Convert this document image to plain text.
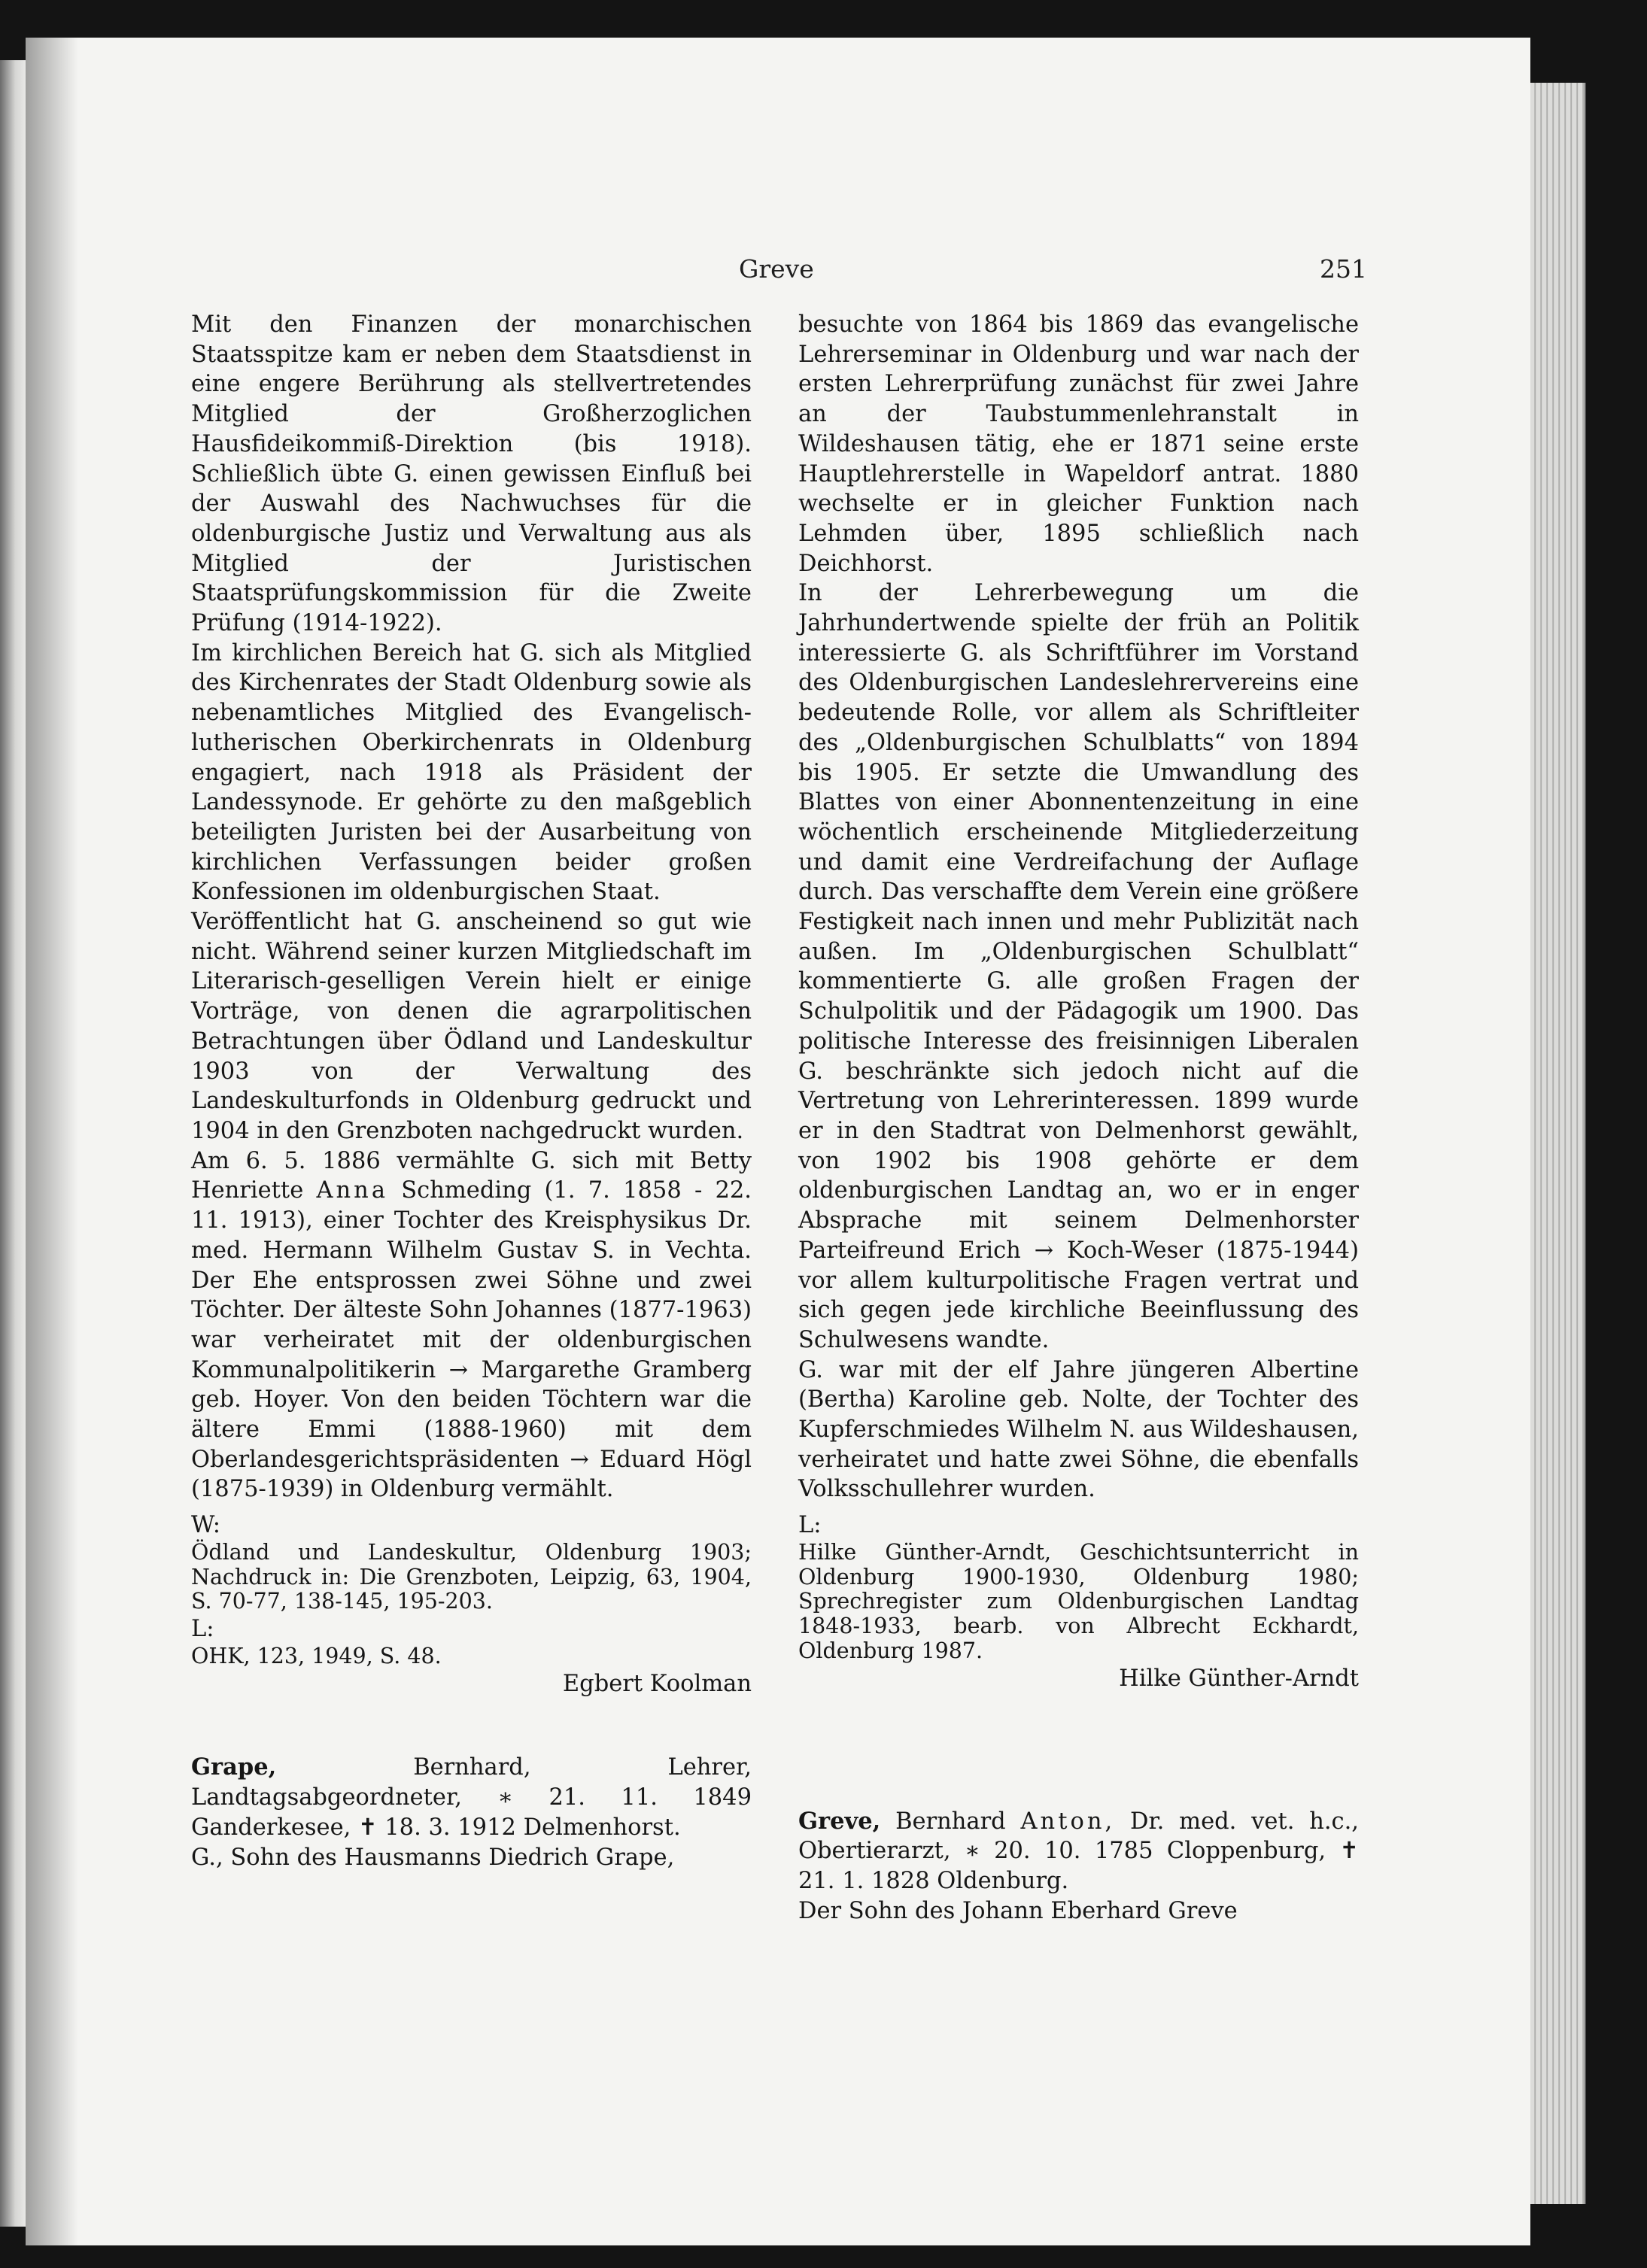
Greve	251

Mit den Finanzen der monarchischen Staatsspitze kam er neben dem Staatsdienst in eine engere Berührung als stellvertretendes Mitglied der Großherzoglichen Hausfideikommiß-Direktion (bis 1918). Schließlich übte G. einen gewissen Einfluß bei der Auswahl des Nachwuchses für die oldenburgische Justiz und Verwaltung aus als Mitglied der Juristischen Staatsprüfungskommission für die Zweite Prüfung (1914-1922).

Im kirchlichen Bereich hat G. sich als Mitglied des Kirchenrates der Stadt Oldenburg sowie als nebenamtliches Mitglied des Evangelisch-lutherischen Oberkirchenrats in Oldenburg engagiert, nach 1918 als Präsident der Landessynode. Er gehörte zu den maßgeblich beteiligten Juristen bei der Ausarbeitung von kirchlichen Verfassungen beider großen Konfessionen im oldenburgischen Staat.

Veröffentlicht hat G. anscheinend so gut wie nicht. Während seiner kurzen Mitgliedschaft im Literarisch-geselligen Verein hielt er einige Vorträge, von denen die agrarpolitischen Betrachtungen über Ödland und Landeskultur 1903 von der Verwaltung des Landeskulturfonds in Oldenburg gedruckt und 1904 in den Grenzboten nachgedruckt wurden.

Am 6. 5. 1886 vermählte G. sich mit Betty Henriette Anna Schmeding (1. 7. 1858 - 22. 11. 1913), einer Tochter des Kreisphysikus Dr. med. Hermann Wilhelm Gustav S. in Vechta. Der Ehe entsprossen zwei Söhne und zwei Töchter. Der älteste Sohn Johannes (1877-1963) war verheiratet mit der oldenburgischen Kommunalpolitikerin → Margarethe Gramberg geb. Hoyer. Von den beiden Töchtern war die ältere Emmi (1888-1960) mit dem Oberlandesgerichtspräsidenten → Eduard Högl (1875-1939) in Oldenburg vermählt.

W:

Ödland und Landeskultur, Oldenburg 1903; Nachdruck in: Die Grenzboten, Leipzig, 63, 1904, S. 70-77, 138-145, 195-203.

L:

OHK, 123, 1949, S. 48.

Egbert Koolman

Grape,	Bernhard, Lehrer, Landtagsabgeordneter, ∗ 21. 11. 1849 Ganderkesee, ✝ 18. 3. 1912 Delmenhorst.

G., Sohn des Hausmanns Diedrich Grape,

besuchte von 1864 bis 1869 das evangelische Lehrerseminar in Oldenburg und war nach der ersten Lehrerprüfung zunächst für zwei Jahre an der Taubstummenlehranstalt in Wildeshausen tätig, ehe er 1871 seine erste Hauptlehrerstelle in Wapeldorf antrat. 1880 wechselte er in gleicher Funktion nach Lehmden über, 1895 schließlich nach Deichhorst.

In der Lehrerbewegung um die Jahrhundertwende spielte der früh an Politik interessierte G. als Schriftführer im Vorstand des Oldenburgischen Landeslehrervereins eine bedeutende Rolle, vor allem als Schriftleiter des „Oldenburgischen Schulblatts“ von 1894 bis 1905. Er setzte die Umwandlung des Blattes von einer Abonnentenzeitung in eine wöchentlich erscheinende Mitgliederzeitung und damit eine Verdreifachung der Auflage durch. Das verschaffte dem Verein eine größere Festigkeit nach innen und mehr Publizität nach außen. Im „Oldenburgischen Schulblatt“ kommentierte G. alle großen Fragen der Schulpolitik und der Pädagogik um 1900. Das politische Interesse des freisinnigen Liberalen G. beschränkte sich jedoch nicht auf die Vertretung von Lehrerinteressen. 1899 wurde er in den Stadtrat von Delmenhorst gewählt, von 1902 bis 1908 gehörte er dem oldenburgischen Landtag an, wo er in enger Absprache mit seinem Delmenhorster Parteifreund Erich → Koch-Weser (1875-1944) vor allem kulturpolitische Fragen vertrat und sich gegen jede kirchliche Beeinflussung des Schulwesens wandte.

G. war mit der elf Jahre jüngeren Albertine (Bertha) Karoline geb. Nolte, der Tochter des Kupferschmiedes Wilhelm N. aus Wildeshausen, verheiratet und hatte zwei Söhne, die ebenfalls Volksschullehrer wurden.

L:

Hilke Günther-Arndt, Geschichtsunterricht in Oldenburg 1900-1930, Oldenburg 1980; Sprechregister zum Oldenburgischen Landtag 1848-1933, bearb. von Albrecht Eckhardt, Oldenburg 1987.

Hilke Günther-Arndt

Greve, Bernhard Anton, Dr. med. vet. h.c., Obertierarzt, ∗ 20. 10. 1785 Cloppenburg, ✝ 21. 1. 1828 Oldenburg.

Der Sohn des Johann Eberhard Greve
